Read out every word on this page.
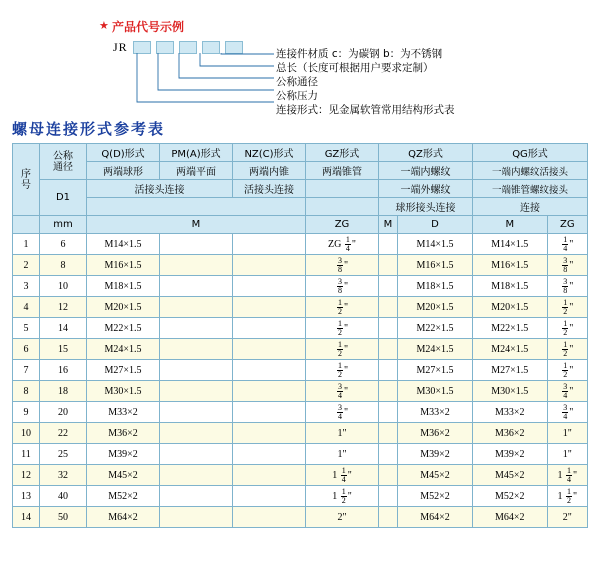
★ 产品代号示例
JR	连接件材质 c：为碳钢 b：为不锈钢
总长（长度可根据用户要求定制）
公称通径
公称压力
连接形式：见金属软管常用结构形式表
螺母连接形式参考表
序
号	公称
通径	Q(D)形式	PM(A)形式	NZ(C)形式	GZ形式	QZ形式		QG形式	
		两端球形	两端平面	两端内锥	两端锥管	一端内螺纹		一端内螺纹活接头	
	D1	活接头连接		活接头连接		一端外螺纹		一端锥管螺纹接头	
						球形接头连接		连接	
	mm	M			ZG	M	D	M	ZG
1	6	M14×1.5			ZG $\frac{1}{4}$ "		M14×1.5	M14×1.5	$\frac{1}{4}$ "
2	8	M16×1.5			$\frac{3}{8}$ "		M16×1.5	M16×1.5	$\frac{3}{8}$ "
3	10	M18×1.5			$\frac{3}{8}$ "		M18×1.5	M18×1.5	$\frac{3}{8}$ "
4	12	M20×1.5			$\frac{1}{2}$ "		M20×1.5	M20×1.5	$\frac{1}{2}$ "
5	14	M22×1.5			$\frac{1}{2}$ "		M22×1.5	M22×1.5	$\frac{1}{2}$ "
6	15	M24×1.5			$\frac{1}{2}$ "		M24×1.5	M24×1.5	$\frac{1}{2}$ "
7	16	M27×1.5			$\frac{1}{2}$ "		M27×1.5	M27×1.5	$\frac{1}{2}$ "
8	18	M30×1.5			$\frac{3}{4}$ "		M30×1.5	M30×1.5	$\frac{3}{4}$ "
9	20	M33×2			$\frac{3}{4}$ "		M33×2	M33×2	$\frac{3}{4}$ "
10	22	M36×2			1"		M36×2	M36×2	1"
11	25	M39×2			1"		M39×2	M39×2	1"
12	32	M45×2			$1 \frac{1}{4}$ "		M45×2	M45×2	$1 \frac{1}{4}$ "
13	40	M52×2			$1 \frac{1}{2}$ "		M52×2	M52×2	$1 \frac{1}{2}$ "
14	50	M64×2			2"		M64×2	M64×2	2"
